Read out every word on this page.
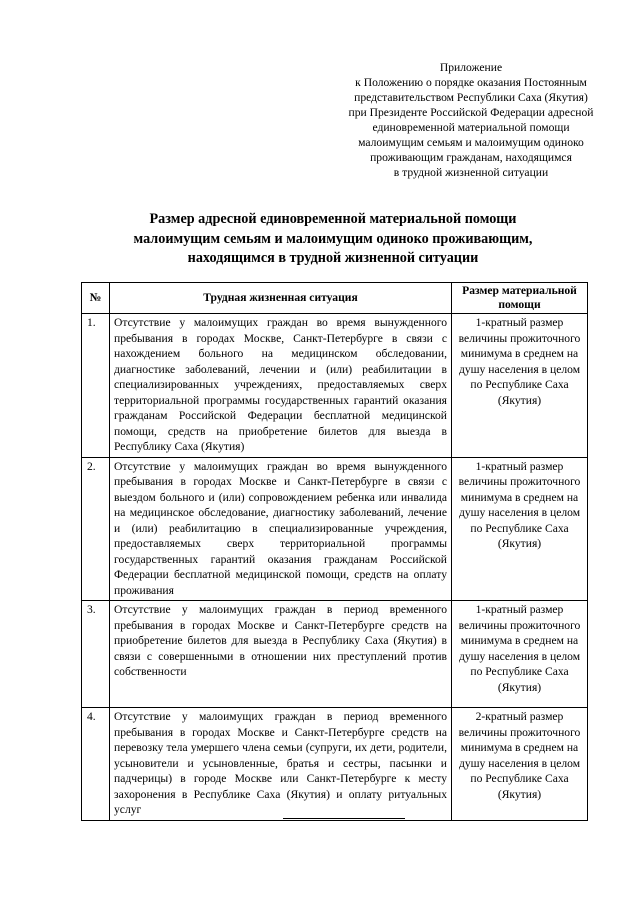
Приложение
к Положению о порядке оказания Постоянным
представительством Республики Саха (Якутия)
при Президенте Российской Федерации адресной
единовременной материальной помощи
малоимущим семьям и малоимущим одиноко
проживающим гражданам, находящимся
в трудной жизненной ситуации
Размер адресной единовременной материальной помощи
малоимущим семьям и малоимущим одиноко проживающим,
находящимся в трудной жизненной ситуации
№	Трудная жизненная ситуация	Размер материальной помощи
1.	Отсутствие у малоимущих граждан во время вынужденного пребывания в городах Москве, Санкт-Петербурге в связи с нахождением больного на медицинском обследовании, диагностике заболеваний, лечении и (или) реабилитации в специализированных учреждениях, предоставляемых сверх территориальной программы государственных гарантий оказания гражданам Российской Федерации бесплатной медицинской помощи, средств на приобретение билетов для выезда в Республику Саха (Якутия)	1-кратный размер величины прожиточного минимума в среднем на душу населения в целом по Республике Саха (Якутия)
2.	Отсутствие у малоимущих граждан во время вынужденного пребывания в городах Москве и Санкт-Петербурге в связи с выездом больного и (или) сопровождением ребенка или инвалида на медицинское обследование, диагностику заболеваний, лечение и (или) реабилитацию в специализированные учреждения, предоставляемых сверх территориальной программы государственных гарантий оказания гражданам Российской Федерации бесплатной медицинской помощи, средств на оплату проживания	1-кратный размер величины прожиточного минимума в среднем на душу населения в целом по Республике Саха (Якутия)
3.	Отсутствие у малоимущих граждан в период временного пребывания в городах Москве и Санкт-Петербурге средств на приобретение билетов для выезда в Республику Саха (Якутия) в связи с совершенными в отношении них преступлений против собственности	1-кратный размер величины прожиточного минимума в среднем на душу населения в целом по Республике Саха (Якутия)
4.	Отсутствие у малоимущих граждан в период временного пребывания в городах Москве и Санкт-Петербурге средств на перевозку тела умершего члена семьи (супруги, их дети, родители, усыновители и усыновленные, братья и сестры, пасынки и падчерицы) в городе Москве или Санкт-Петербурге к месту захоронения в Республике Саха (Якутия) и оплату ритуальных услуг	2-кратный размер величины прожиточного минимума в среднем на душу населения в целом по Республике Саха (Якутия)
